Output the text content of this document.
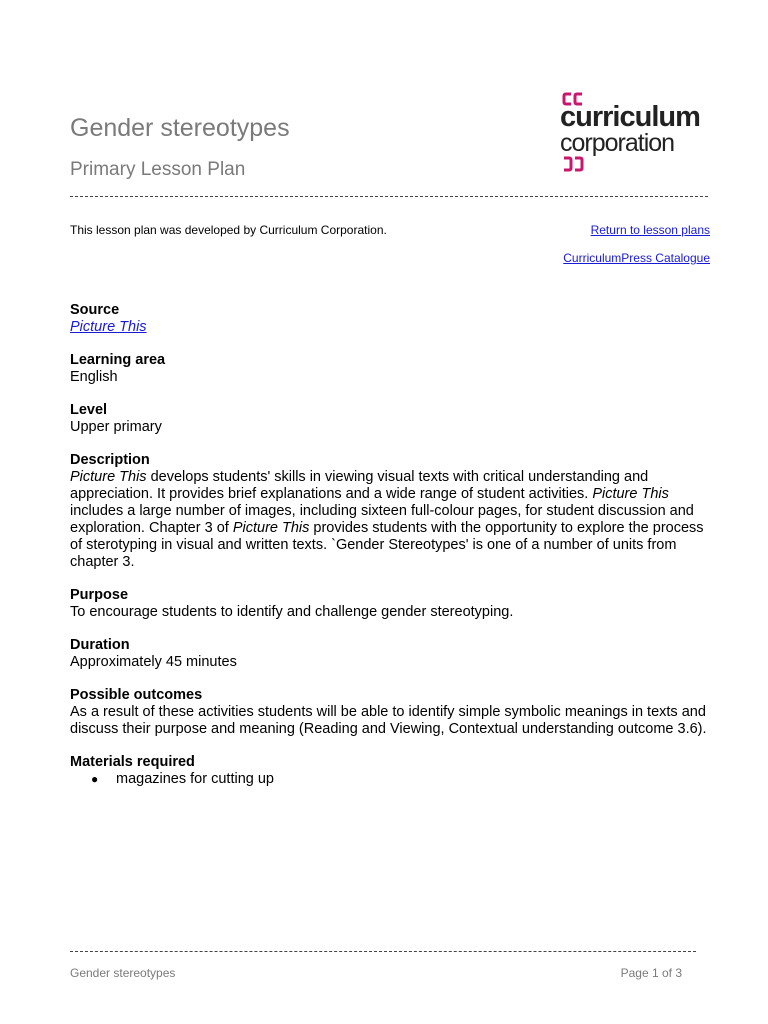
Gender stereotypes
Primary Lesson Plan
curriculum
corporation
This lesson plan was developed by Curriculum Corporation.	Return to lesson plans
CurriculumPress Catalogue
Source

Picture This

Learning area

English

Level

Upper primary

Description

Picture This develops students' skills in viewing visual texts with critical understanding and appreciation. It provides brief explanations and a wide range of student activities. Picture This includes a large number of images, including sixteen full-colour pages, for student discussion and exploration. Chapter 3 of Picture This provides students with the opportunity to explore the process of sterotyping in visual and written texts. `Gender Stereotypes' is one of a number of units from chapter 3.

Purpose

To encourage students to identify and challenge gender stereotyping.

Duration

Approximately 45 minutes

Possible outcomes

As a result of these activities students will be able to identify simple symbolic meanings in texts and discuss their purpose and meaning (Reading and Viewing, Contextual understanding outcome 3.6).

Materials required
● magazines for cutting up
Gender stereotypes	Page 1 of 3
